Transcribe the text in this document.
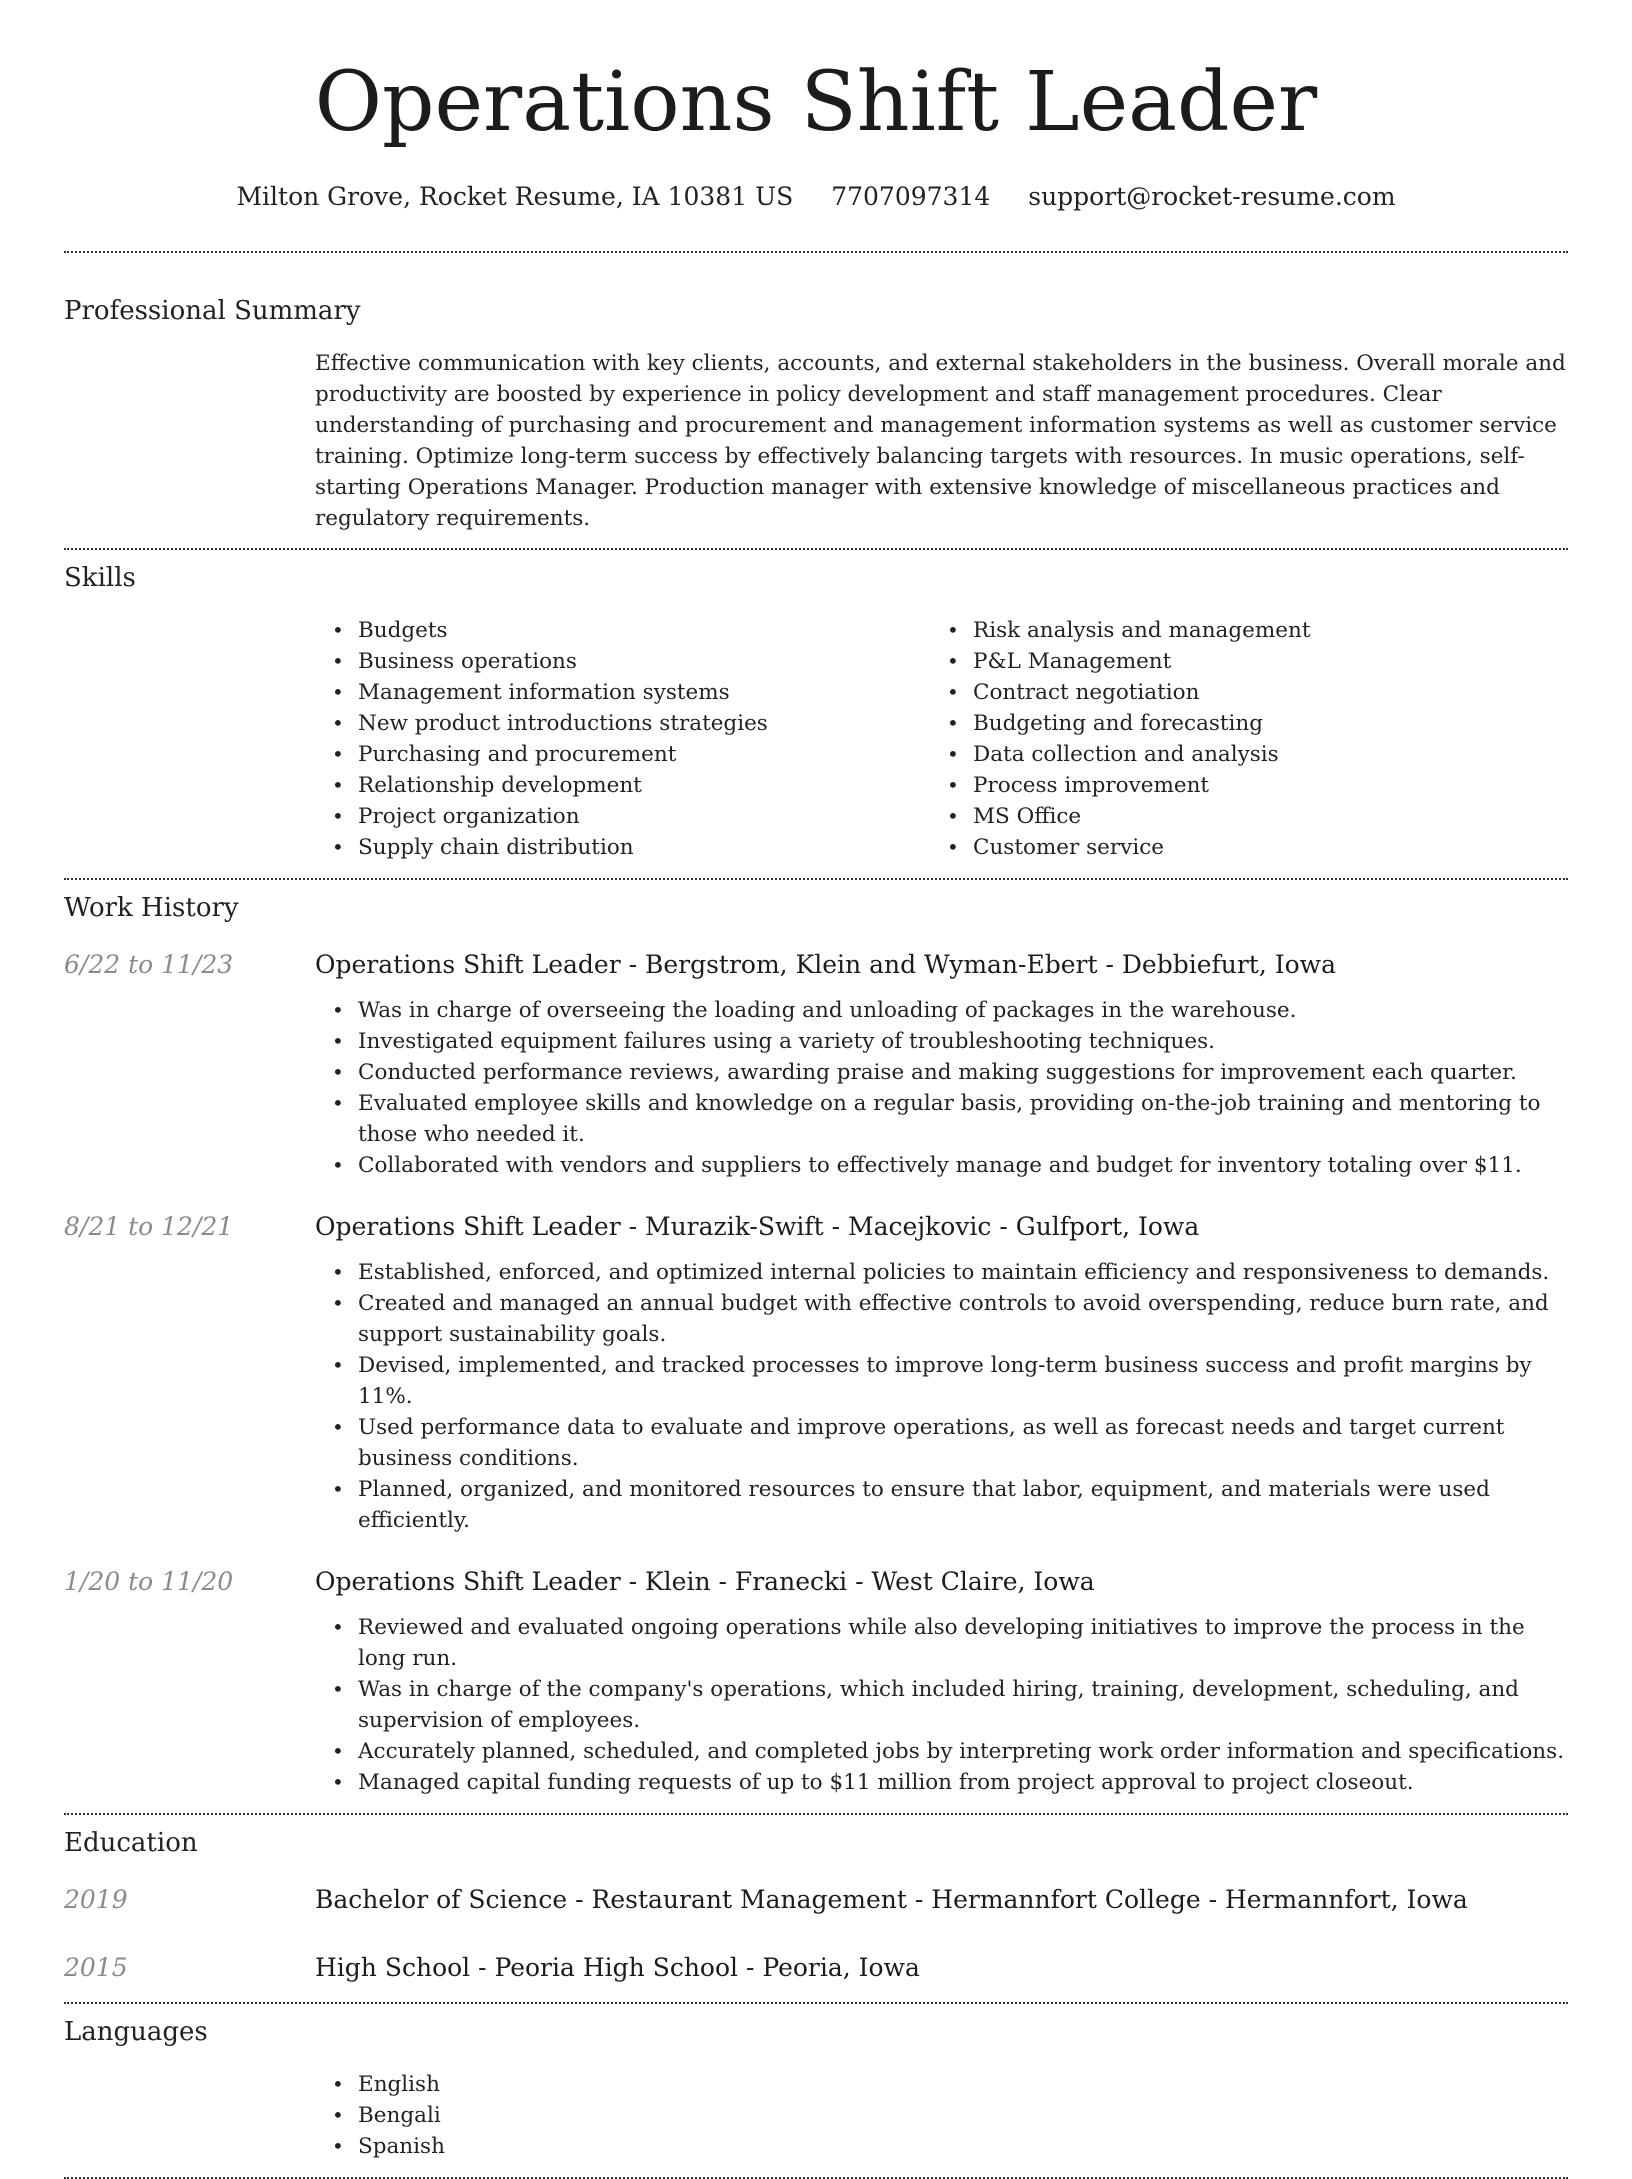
Operations Shift Leader
Milton Grove, Rocket Resume, IA 10381 US 7707097314 support@rocket-resume.com
Professional Summary
Effective communication with key clients, accounts, and external stakeholders in the business. Overall morale and productivity are boosted by experience in policy development and staff management procedures. Clear understanding of purchasing and procurement and management information systems as well as customer service training. Optimize long-term success by effectively balancing targets with resources. In music operations, self-starting Operations Manager. Production manager with extensive knowledge of miscellaneous practices and regulatory requirements.
Skills
• Budgets
• Business operations
• Management information systems
• New product introductions strategies
• Purchasing and procurement
• Relationship development
• Project organization
• Supply chain distribution
• Risk analysis and management
• P&L Management
• Contract negotiation
• Budgeting and forecasting
• Data collection and analysis
• Process improvement
• MS Office
• Customer service
Work History
6/22 to 11/23	Operations Shift Leader - Bergstrom, Klein and Wyman-Ebert - Debbiefurt, Iowa
• Was in charge of overseeing the loading and unloading of packages in the warehouse.
• Investigated equipment failures using a variety of troubleshooting techniques.
• Conducted performance reviews, awarding praise and making suggestions for improvement each quarter.
• Evaluated employee skills and knowledge on a regular basis, providing on-the-job training and mentoring to those who needed it.
• Collaborated with vendors and suppliers to effectively manage and budget for inventory totaling over $11.
8/21 to 12/21	Operations Shift Leader - Murazik-Swift - Macejkovic - Gulfport, Iowa
• Established, enforced, and optimized internal policies to maintain efficiency and responsiveness to demands.
• Created and managed an annual budget with effective controls to avoid overspending, reduce burn rate, and support sustainability goals.
• Devised, implemented, and tracked processes to improve long-term business success and profit margins by 11%.
• Used performance data to evaluate and improve operations, as well as forecast needs and target current business conditions.
• Planned, organized, and monitored resources to ensure that labor, equipment, and materials were used efficiently.
1/20 to 11/20	Operations Shift Leader - Klein - Franecki - West Claire, Iowa
• Reviewed and evaluated ongoing operations while also developing initiatives to improve the process in the long run.
• Was in charge of the company's operations, which included hiring, training, development, scheduling, and supervision of employees.
• Accurately planned, scheduled, and completed jobs by interpreting work order information and specifications.
• Managed capital funding requests of up to $11 million from project approval to project closeout.
Education
2019	Bachelor of Science - Restaurant Management - Hermannfort College - Hermannfort, Iowa
2015	High School - Peoria High School - Peoria, Iowa
Languages
• English
• Bengali
• Spanish
